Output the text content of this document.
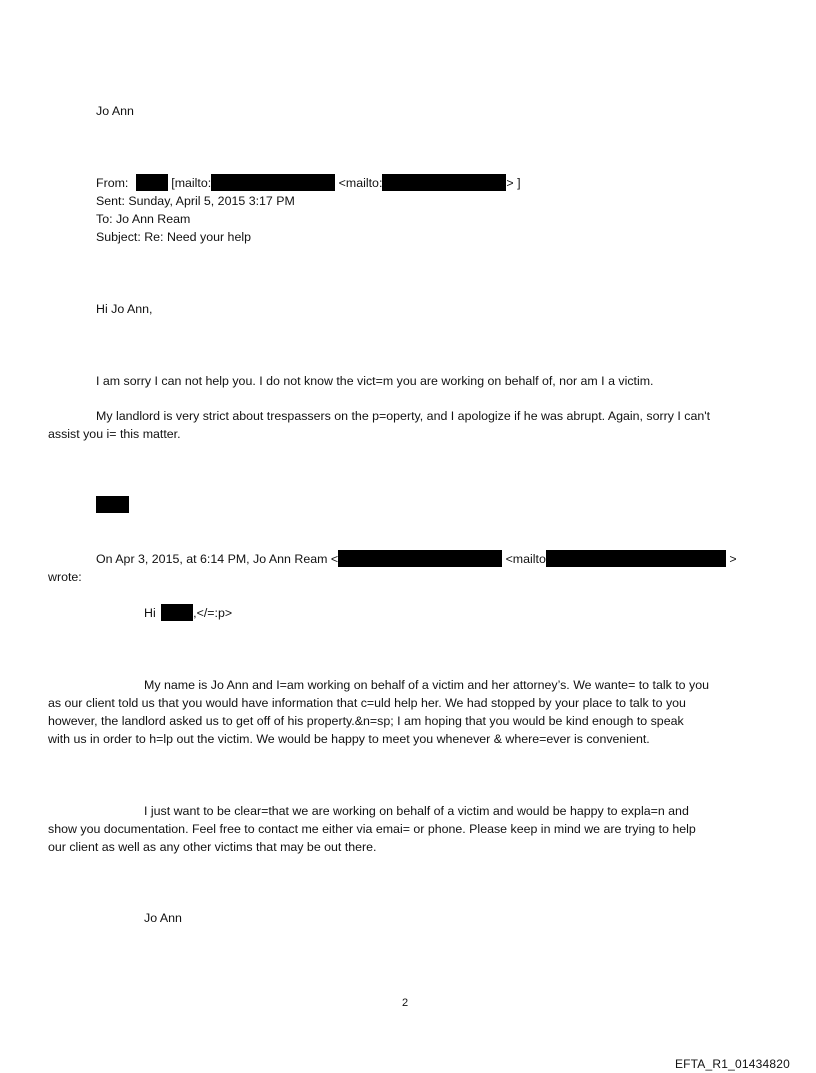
Jo Ann
From:	[mailto:	<mailto:	> ]
Sent: Sunday, April 5, 2015 3:17 PM
To: Jo Ann Ream
Subject: Re: Need your help
Hi Jo Ann,
I am sorry I can not help you. I do not know the vict=m you are working on behalf of, nor am I a victim.
My landlord is very strict about trespassers on the p=operty, and I apologize if he was abrupt. Again, sorry I can't
assist you i= this matter.
On Apr 3, 2015, at 6:14 PM, Jo Ann Ream <	<mailto	>
wrote:
Hi	,</=:p>
My name is Jo Ann and I=am working on behalf of a victim and her attorney’s. We wante= to talk to you
as our client told us that you would have information that c=uld help her. We had stopped by your place to talk to you
however, the landlord asked us to get off of his property.&n=sp; I am hoping that you would be kind enough to speak
with us in order to h=lp out the victim. We would be happy to meet you whenever & where=ever is convenient.
I just want to be clear=that we are working on behalf of a victim and would be happy to expla=n and
show you documentation. Feel free to contact me either via emai= or phone. Please keep in mind we are trying to help
our client as well as any other victims that may be out there.
Jo Ann
2
EFTA_R1_01434820
